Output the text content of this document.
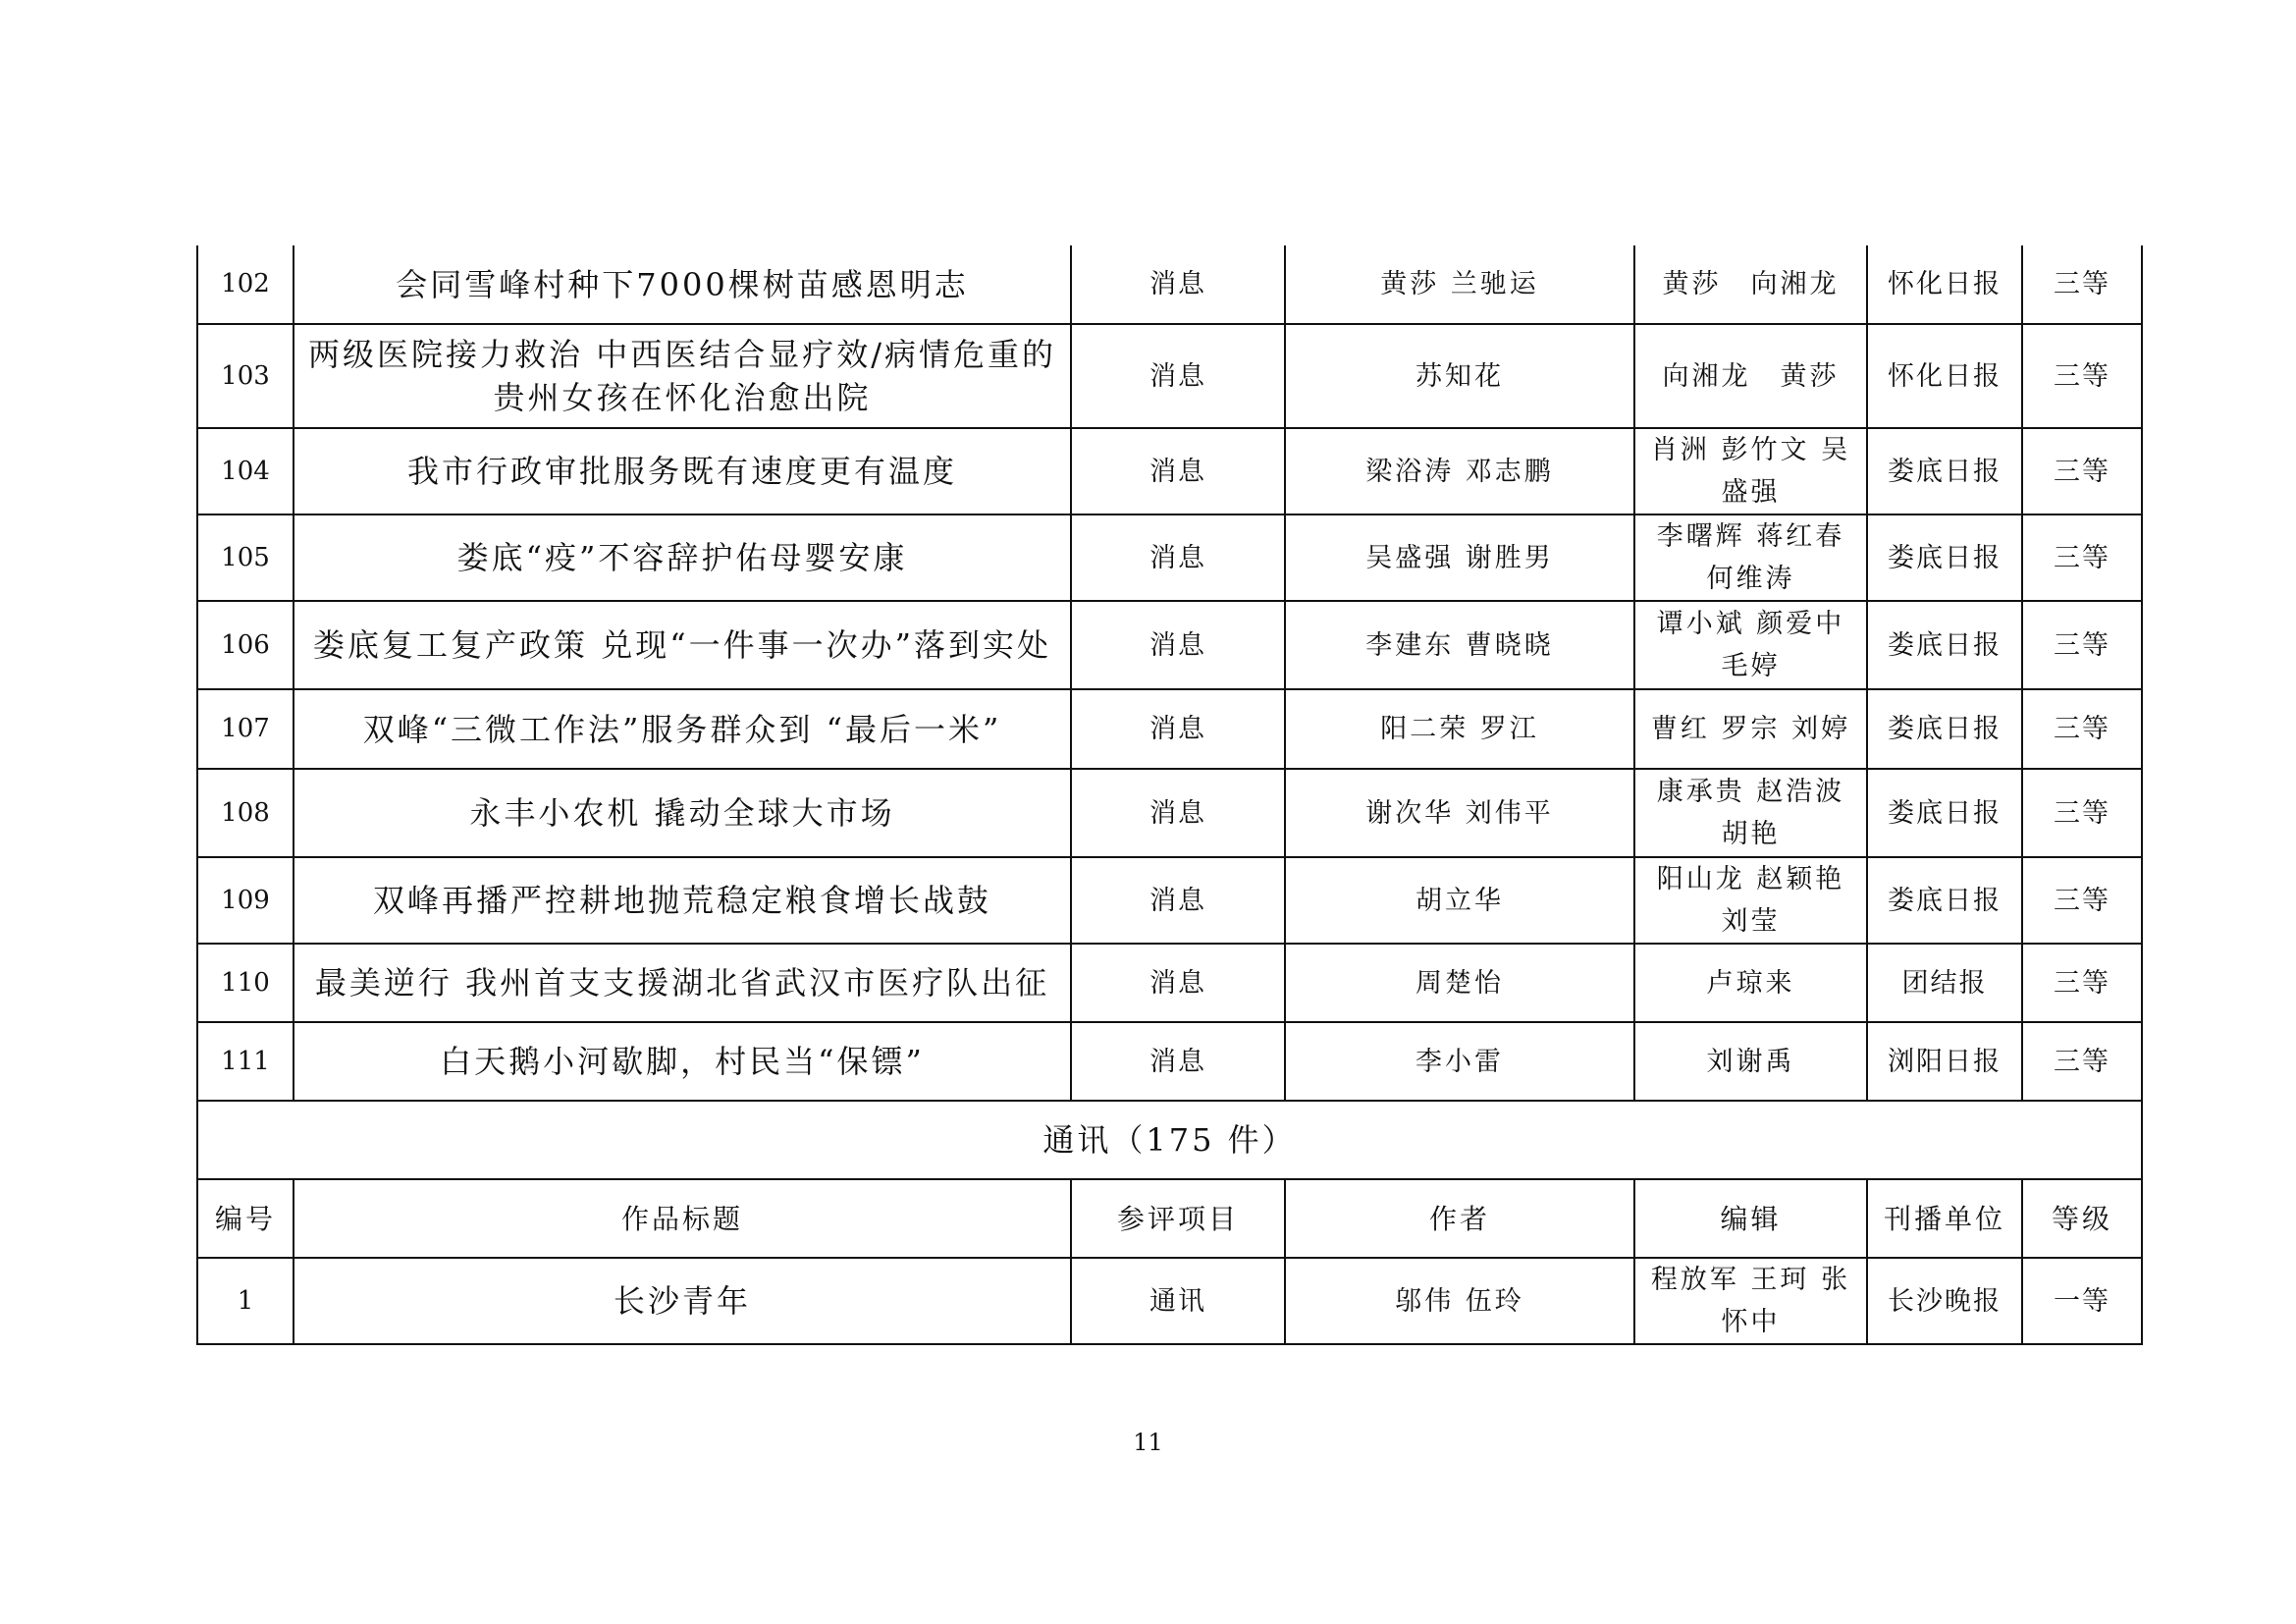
102	会同雪峰村种下7000棵树苗感恩明志	消息	黄莎 兰驰运	黄莎　向湘龙	怀化日报	三等
103	两级医院接力救治 中西医结合显疗效/病情危重的贵州女孩在怀化治愈出院	消息	苏知花	向湘龙　黄莎	怀化日报	三等
104	我市行政审批服务既有速度更有温度	消息	梁浴涛 邓志鹏	肖洲 彭竹文 吴盛强	娄底日报	三等
105	娄底“疫”不容辞护佑母婴安康	消息	吴盛强 谢胜男	李曙辉 蒋红春 何维涛	娄底日报	三等
106	娄底复工复产政策 兑现“一件事一次办”落到实处	消息	李建东 曹晓晓	谭小斌 颜爱中 毛婷	娄底日报	三等
107	双峰“三微工作法”服务群众到 “最后一米”	消息	阳二荣 罗江	曹红 罗宗 刘婷	娄底日报	三等
108	永丰小农机 撬动全球大市场	消息	谢次华 刘伟平	康承贵 赵浩波 胡艳	娄底日报	三等
109	双峰再播严控耕地抛荒稳定粮食增长战鼓	消息	胡立华	阳山龙 赵颖艳 刘莹	娄底日报	三等
110	最美逆行 我州首支支援湖北省武汉市医疗队出征	消息	周楚怡	卢琼来	团结报	三等
111	白天鹅小河歇脚，村民当“保镖”	消息	李小雷	刘谢禹	浏阳日报	三等
通讯（175 件）						
编号	作品标题	参评项目	作者	编辑	刊播单位	等级
1	长沙青年	通讯	邬伟 伍玲	程放军 王珂 张怀中	长沙晚报	一等
11
